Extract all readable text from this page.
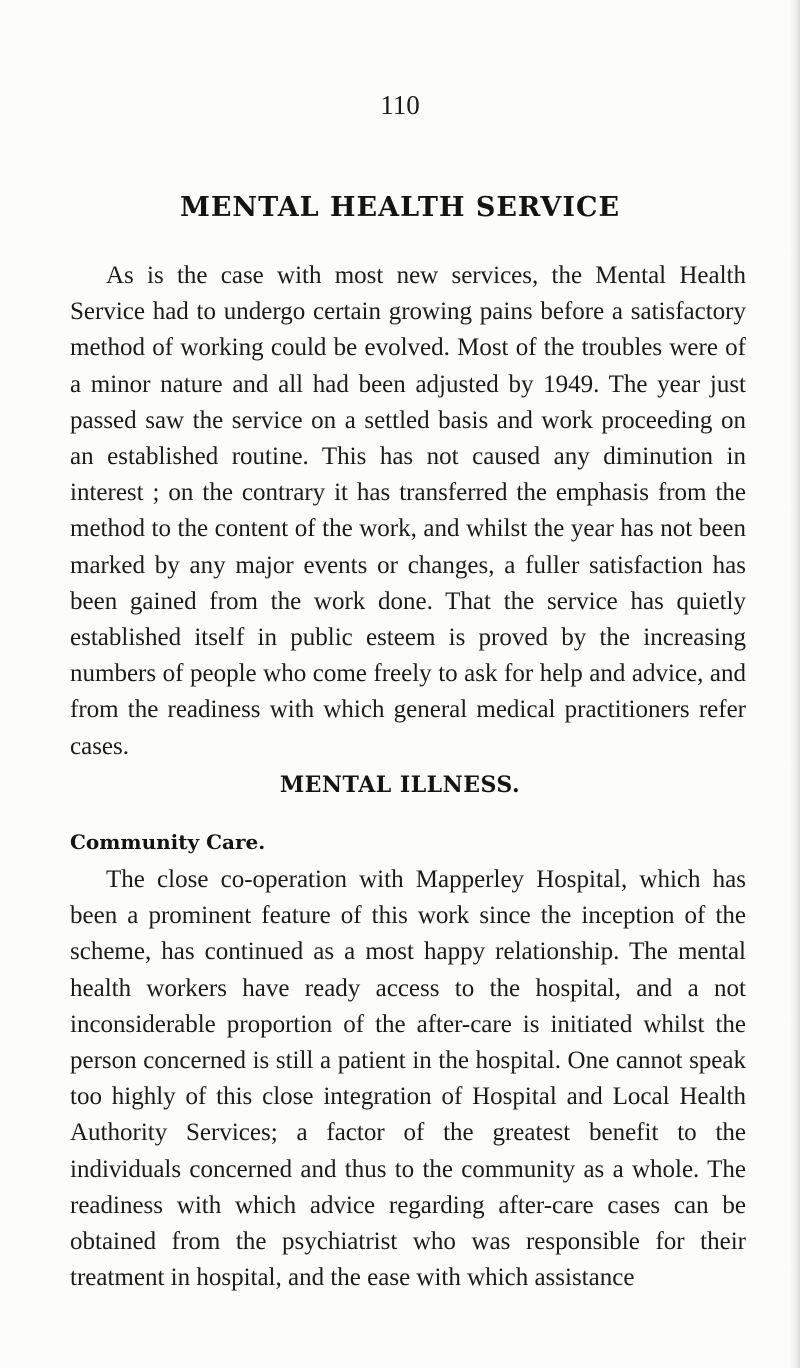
110

MENTAL HEALTH SERVICE

As is the case with most new services, the Mental Health Service had to undergo certain growing pains before a satisfactory method of working could be evolved. Most of the troubles were of a minor nature and all had been adjusted by 1949. The year just passed saw the service on a settled basis and work proceeding on an established routine. This has not caused any diminution in interest ; on the contrary it has transferred the emphasis from the method to the content of the work, and whilst the year has not been marked by any major events or changes, a fuller satisfaction has been gained from the work done. That the service has quietly established itself in public esteem is proved by the increasing numbers of people who come freely to ask for help and advice, and from the readiness with which general medical practitioners refer cases.

MENTAL ILLNESS.
Community Care.

The close co-operation with Mapperley Hospital, which has been a prominent feature of this work since the inception of the scheme, has continued as a most happy relationship. The mental health workers have ready access to the hospital, and a not inconsiderable proportion of the after-care is initiated whilst the person concerned is still a patient in the hospital. One cannot speak too highly of this close integration of Hospital and Local Health Authority Services; a factor of the greatest benefit to the individuals concerned and thus to the community as a whole. The readiness with which advice regarding after-care cases can be obtained from the psychiatrist who was responsible for their treatment in hospital, and the ease with which assistance
